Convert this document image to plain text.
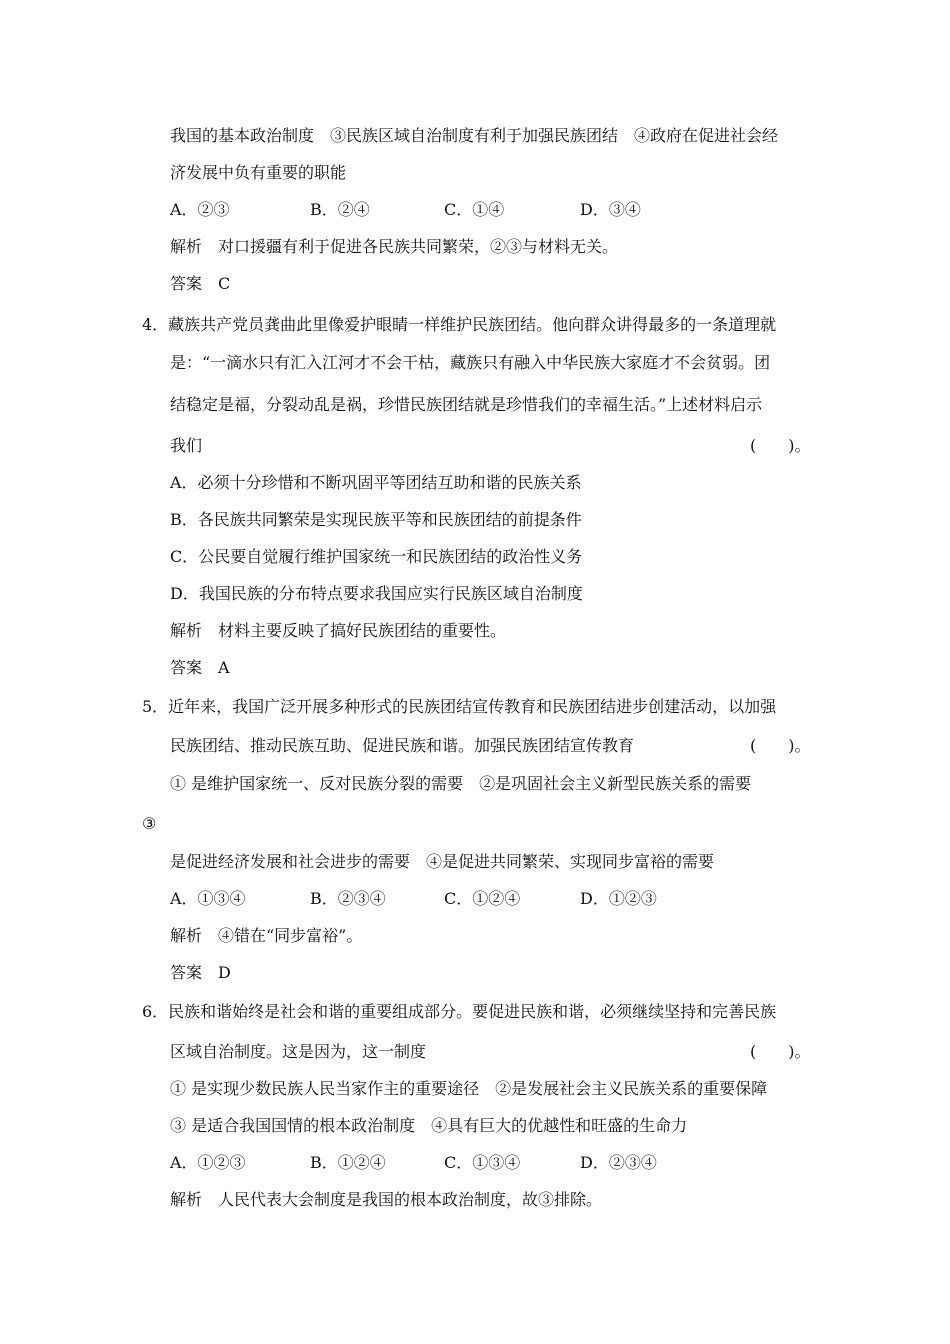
我国的基本政治制度　③民族区域自治制度有利于加强民族团结　④政府在促进社会经
济发展中负有重要的职能
A．②③	B．②④	C．①④	D．③④
解析　对口援疆有利于促进各民族共同繁荣，②③与材料无关。
答案　C
4．藏族共产党员龚曲此里像爱护眼睛一样维护民族团结。他向群众讲得最多的一条道理就
是：“一滴水只有汇入江河才不会干枯，藏族只有融入中华民族大家庭才不会贫弱。团
结稳定是福，分裂动乱是祸，珍惜民族团结就是珍惜我们的幸福生活。”上述材料启示
我们	(　　)。
A．必须十分珍惜和不断巩固平等团结互助和谐的民族关系
B．各民族共同繁荣是实现民族平等和民族团结的前提条件
C．公民要自觉履行维护国家统一和民族团结的政治性义务
D．我国民族的分布特点要求我国应实行民族区域自治制度
解析　材料主要反映了搞好民族团结的重要性。
答案　A
5．近年来，我国广泛开展多种形式的民族团结宣传教育和民族团结进步创建活动，以加强
民族团结、推动民族互助、促进民族和谐。加强民族团结宣传教育	(　　)。
① 是维护国家统一、反对民族分裂的需要　②是巩固社会主义新型民族关系的需要
③
是促进经济发展和社会进步的需要　④是促进共同繁荣、实现同步富裕的需要
A．①③④	B．②③④	C．①②④	D．①②③
解析　④错在“同步富裕”。
答案　D
6．民族和谐始终是社会和谐的重要组成部分。要促进民族和谐，必须继续坚持和完善民族
区域自治制度。这是因为，这一制度	(　　)。
① 是实现少数民族人民当家作主的重要途径　②是发展社会主义民族关系的重要保障
③ 是适合我国国情的根本政治制度　④具有巨大的优越性和旺盛的生命力
A．①②③	B．①②④	C．①③④	D．②③④
解析　人民代表大会制度是我国的根本政治制度，故③排除。
